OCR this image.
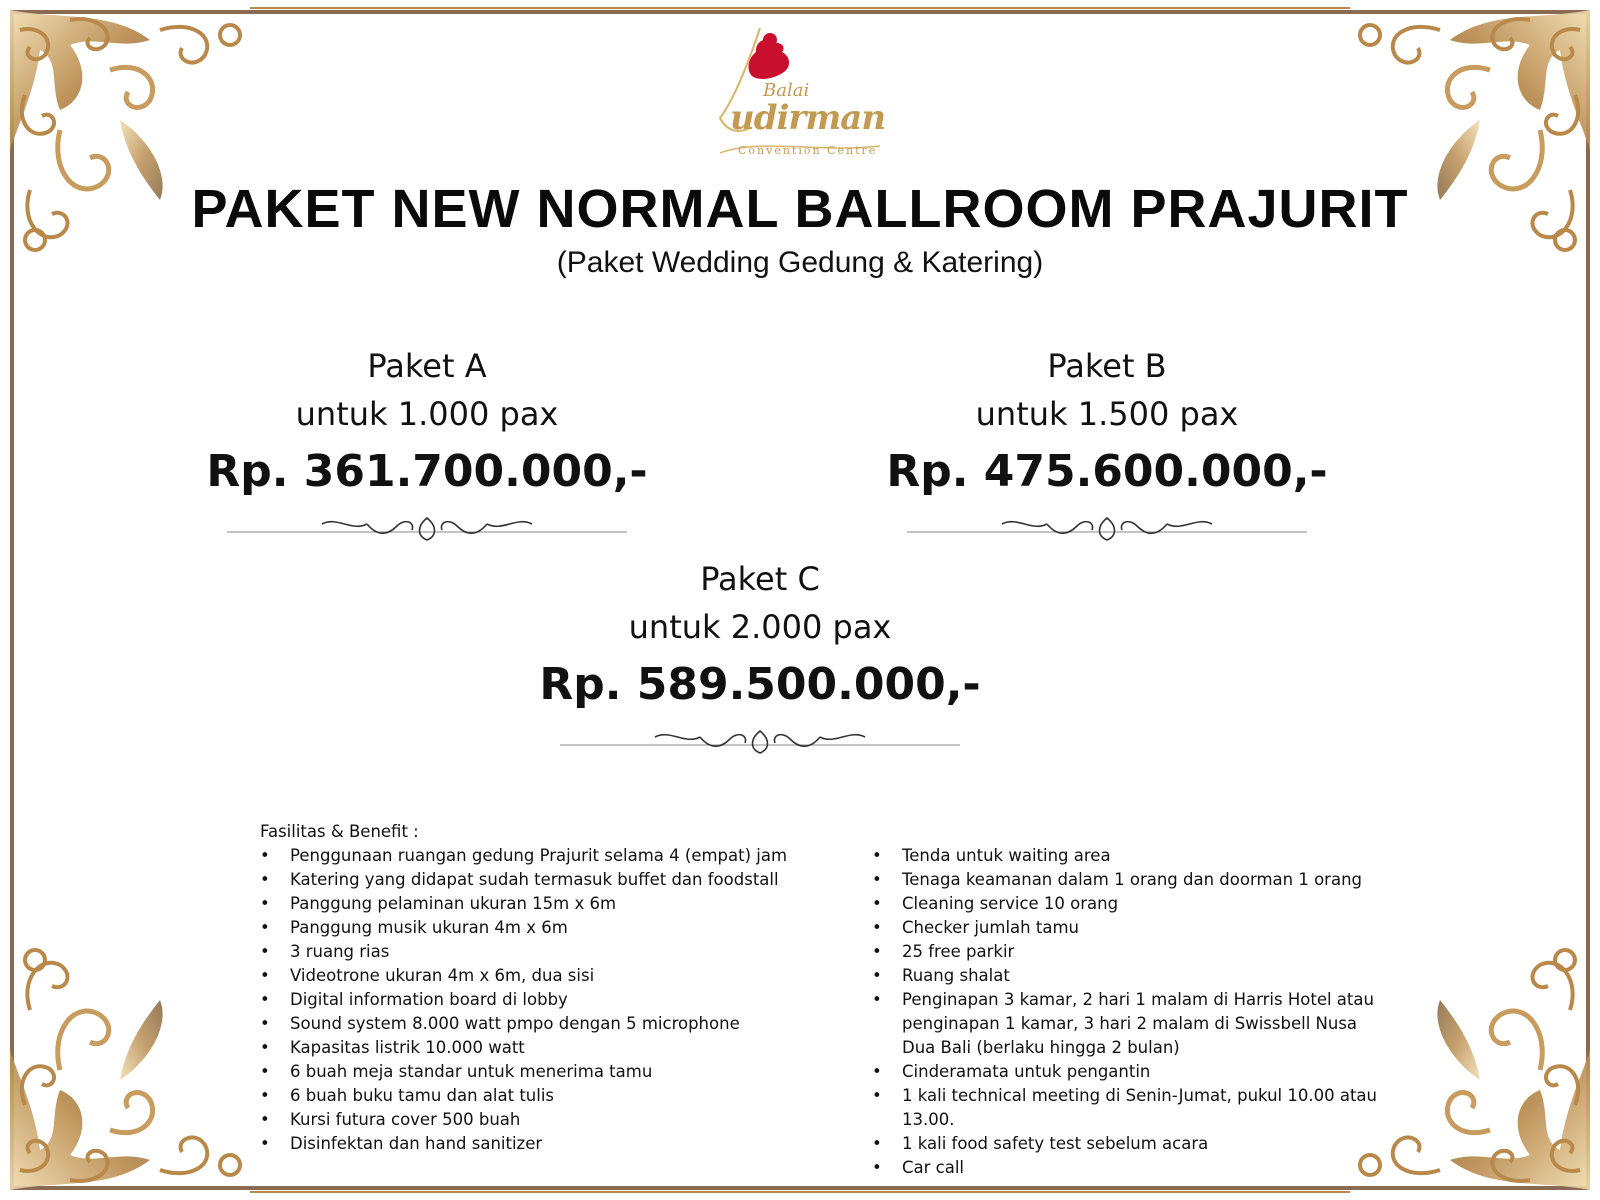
Balai
udirman
Convention Centre
PAKET NEW NORMAL BALLROOM PRAJURIT
(Paket Wedding Gedung & Katering)
Paket A
untuk 1.000 pax
Rp. 361.700.000,-
Paket B
untuk 1.500 pax
Rp. 475.600.000,-
Paket C
untuk 2.000 pax
Rp. 589.500.000,-
Fasilitas & Benefit :
• Penggunaan ruangan gedung Prajurit selama 4 (empat) jam
• Katering yang didapat sudah termasuk buffet dan foodstall
• Panggung pelaminan ukuran 15m x 6m
• Panggung musik ukuran 4m x 6m
• 3 ruang rias
• Videotrone ukuran 4m x 6m, dua sisi
• Digital information board di lobby
• Sound system 8.000 watt pmpo dengan 5 microphone
• Kapasitas listrik 10.000 watt
• 6 buah meja standar untuk menerima tamu
• 6 buah buku tamu dan alat tulis
• Kursi futura cover 500 buah
• Disinfektan dan hand sanitizer
• Tenda untuk waiting area
• Tenaga keamanan dalam 1 orang dan doorman 1 orang
• Cleaning service 10 orang
• Checker jumlah tamu
• 25 free parkir
• Ruang shalat
• Penginapan 3 kamar, 2 hari 1 malam di Harris Hotel atau penginapan 1 kamar, 3 hari 2 malam di Swissbell Nusa Dua Bali (berlaku hingga 2 bulan)
• Cinderamata untuk pengantin
• 1 kali technical meeting di Senin-Jumat, pukul 10.00 atau 13.00.
• 1 kali food safety test sebelum acara
• Car call
